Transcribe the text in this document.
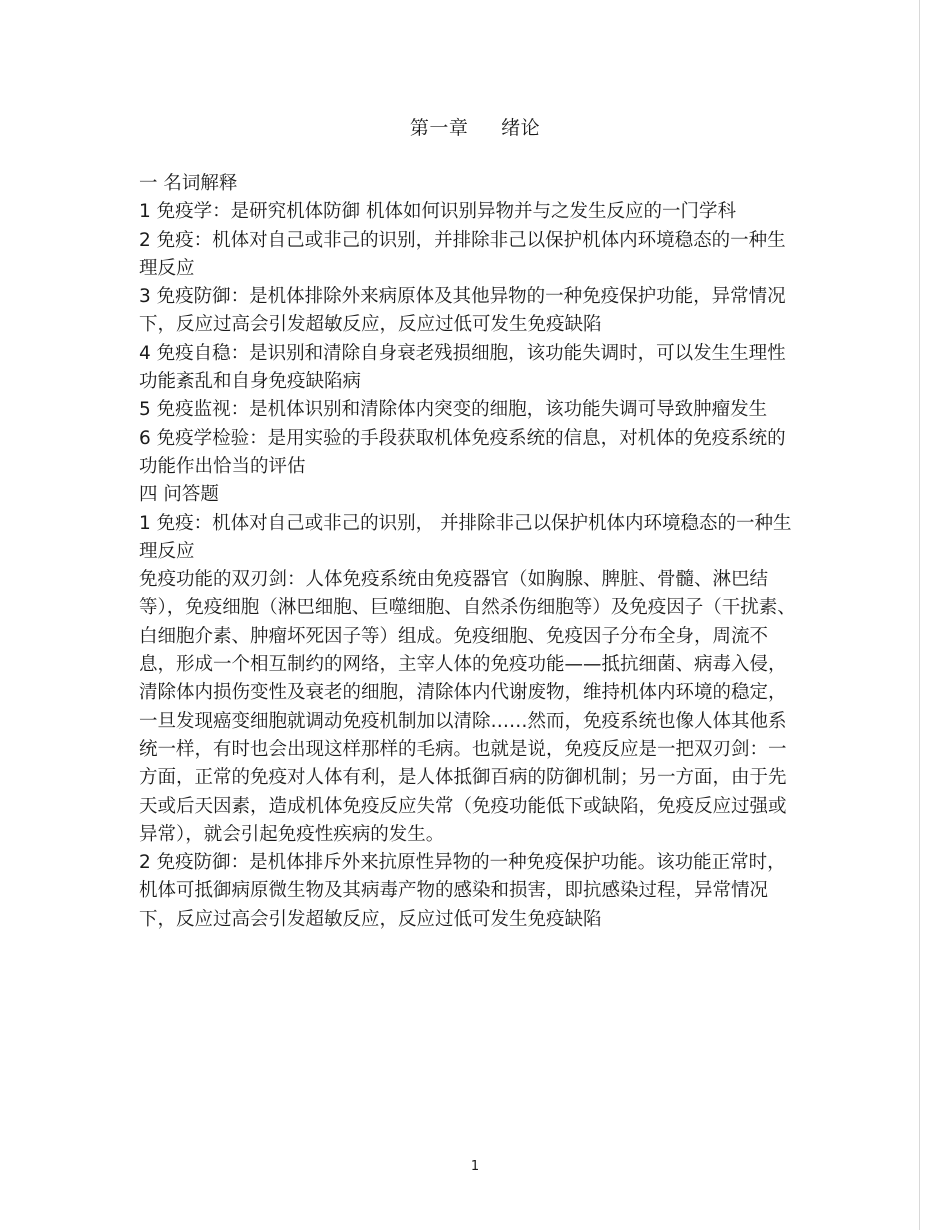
第一章     绪论

一 名词解释

1 免疫学：是研究机体防御 机体如何识别异物并与之发生反应的一门学科

2 免疫：机体对自己或非己的识别，并排除非己以保护机体内环境稳态的一种生理反应

3 免疫防御：是机体排除外来病原体及其他异物的一种免疫保护功能，异常情况下，反应过高会引发超敏反应，反应过低可发生免疫缺陷

4 免疫自稳：是识别和清除自身衰老残损细胞，该功能失调时，可以发生生理性功能紊乱和自身免疫缺陷病

5 免疫监视：是机体识别和清除体内突变的细胞，该功能失调可导致肿瘤发生

6 免疫学检验：是用实验的手段获取机体免疫系统的信息，对机体的免疫系统的功能作出恰当的评估

四 问答题

1 免疫：机体对自己或非己的识别， 并排除非己以保护机体内环境稳态的一种生理反应

免疫功能的双刃剑：人体免疫系统由免疫器官（如胸腺、脾脏、骨髓、淋巴结等），免疫细胞（淋巴细胞、巨噬细胞、自然杀伤细胞等）及免疫因子（干扰素、白细胞介素、肿瘤坏死因子等）组成。免疫细胞、免疫因子分布全身，周流不息，形成一个相互制约的网络，主宰人体的免疫功能——抵抗细菌、病毒入侵，清除体内损伤变性及衰老的细胞，清除体内代谢废物，维持机体内环境的稳定，一旦发现癌变细胞就调动免疫机制加以清除……然而，免疫系统也像人体其他系统一样，有时也会出现这样那样的毛病。也就是说，免疫反应是一把双刃剑：一方面，正常的免疫对人体有利，是人体抵御百病的防御机制；另一方面，由于先天或后天因素，造成机体免疫反应失常（免疫功能低下或缺陷，免疫反应过强或异常），就会引起免疫性疾病的发生。

2 免疫防御：是机体排斥外来抗原性异物的一种免疫保护功能。该功能正常时，机体可抵御病原微生物及其病毒产物的感染和损害，即抗感染过程，异常情况下，反应过高会引发超敏反应，反应过低可发生免疫缺陷

1
